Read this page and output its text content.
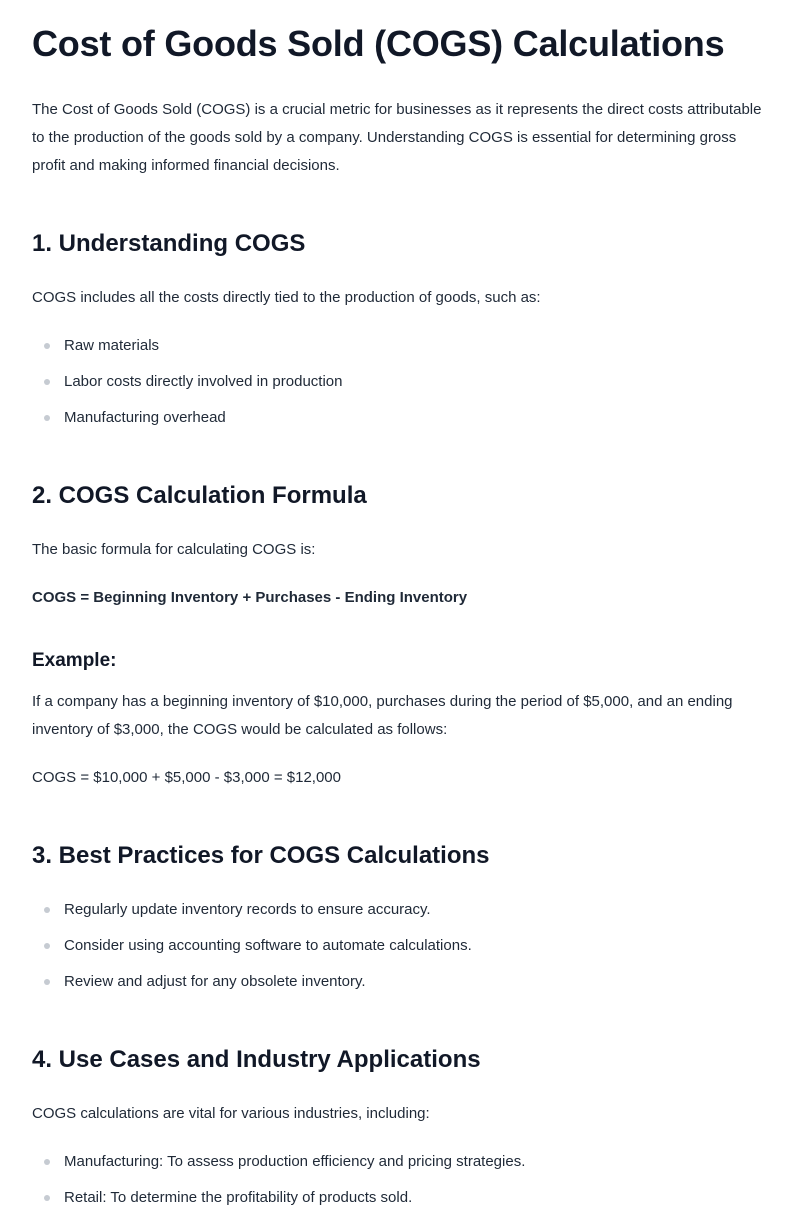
Cost of Goods Sold (COGS) Calculations

The Cost of Goods Sold (COGS) is a crucial metric for businesses as it represents the direct costs attributable to the production of the goods sold by a company. Understanding COGS is essential for determining gross profit and making informed financial decisions.

1. Understanding COGS

COGS includes all the costs directly tied to the production of goods, such as:

Raw materials
Labor costs directly involved in production
Manufacturing overhead
2. COGS Calculation Formula

The basic formula for calculating COGS is:

COGS = Beginning Inventory + Purchases - Ending Inventory

Example:

If a company has a beginning inventory of $10,000, purchases during the period of $5,000, and an ending inventory of $3,000, the COGS would be calculated as follows:

COGS = $10,000 + $5,000 - $3,000 = $12,000

3. Best Practices for COGS Calculations
Regularly update inventory records to ensure accuracy.
Consider using accounting software to automate calculations.
Review and adjust for any obsolete inventory.
4. Use Cases and Industry Applications

COGS calculations are vital for various industries, including:

Manufacturing: To assess production efficiency and pricing strategies.
Retail: To determine the profitability of products sold.
